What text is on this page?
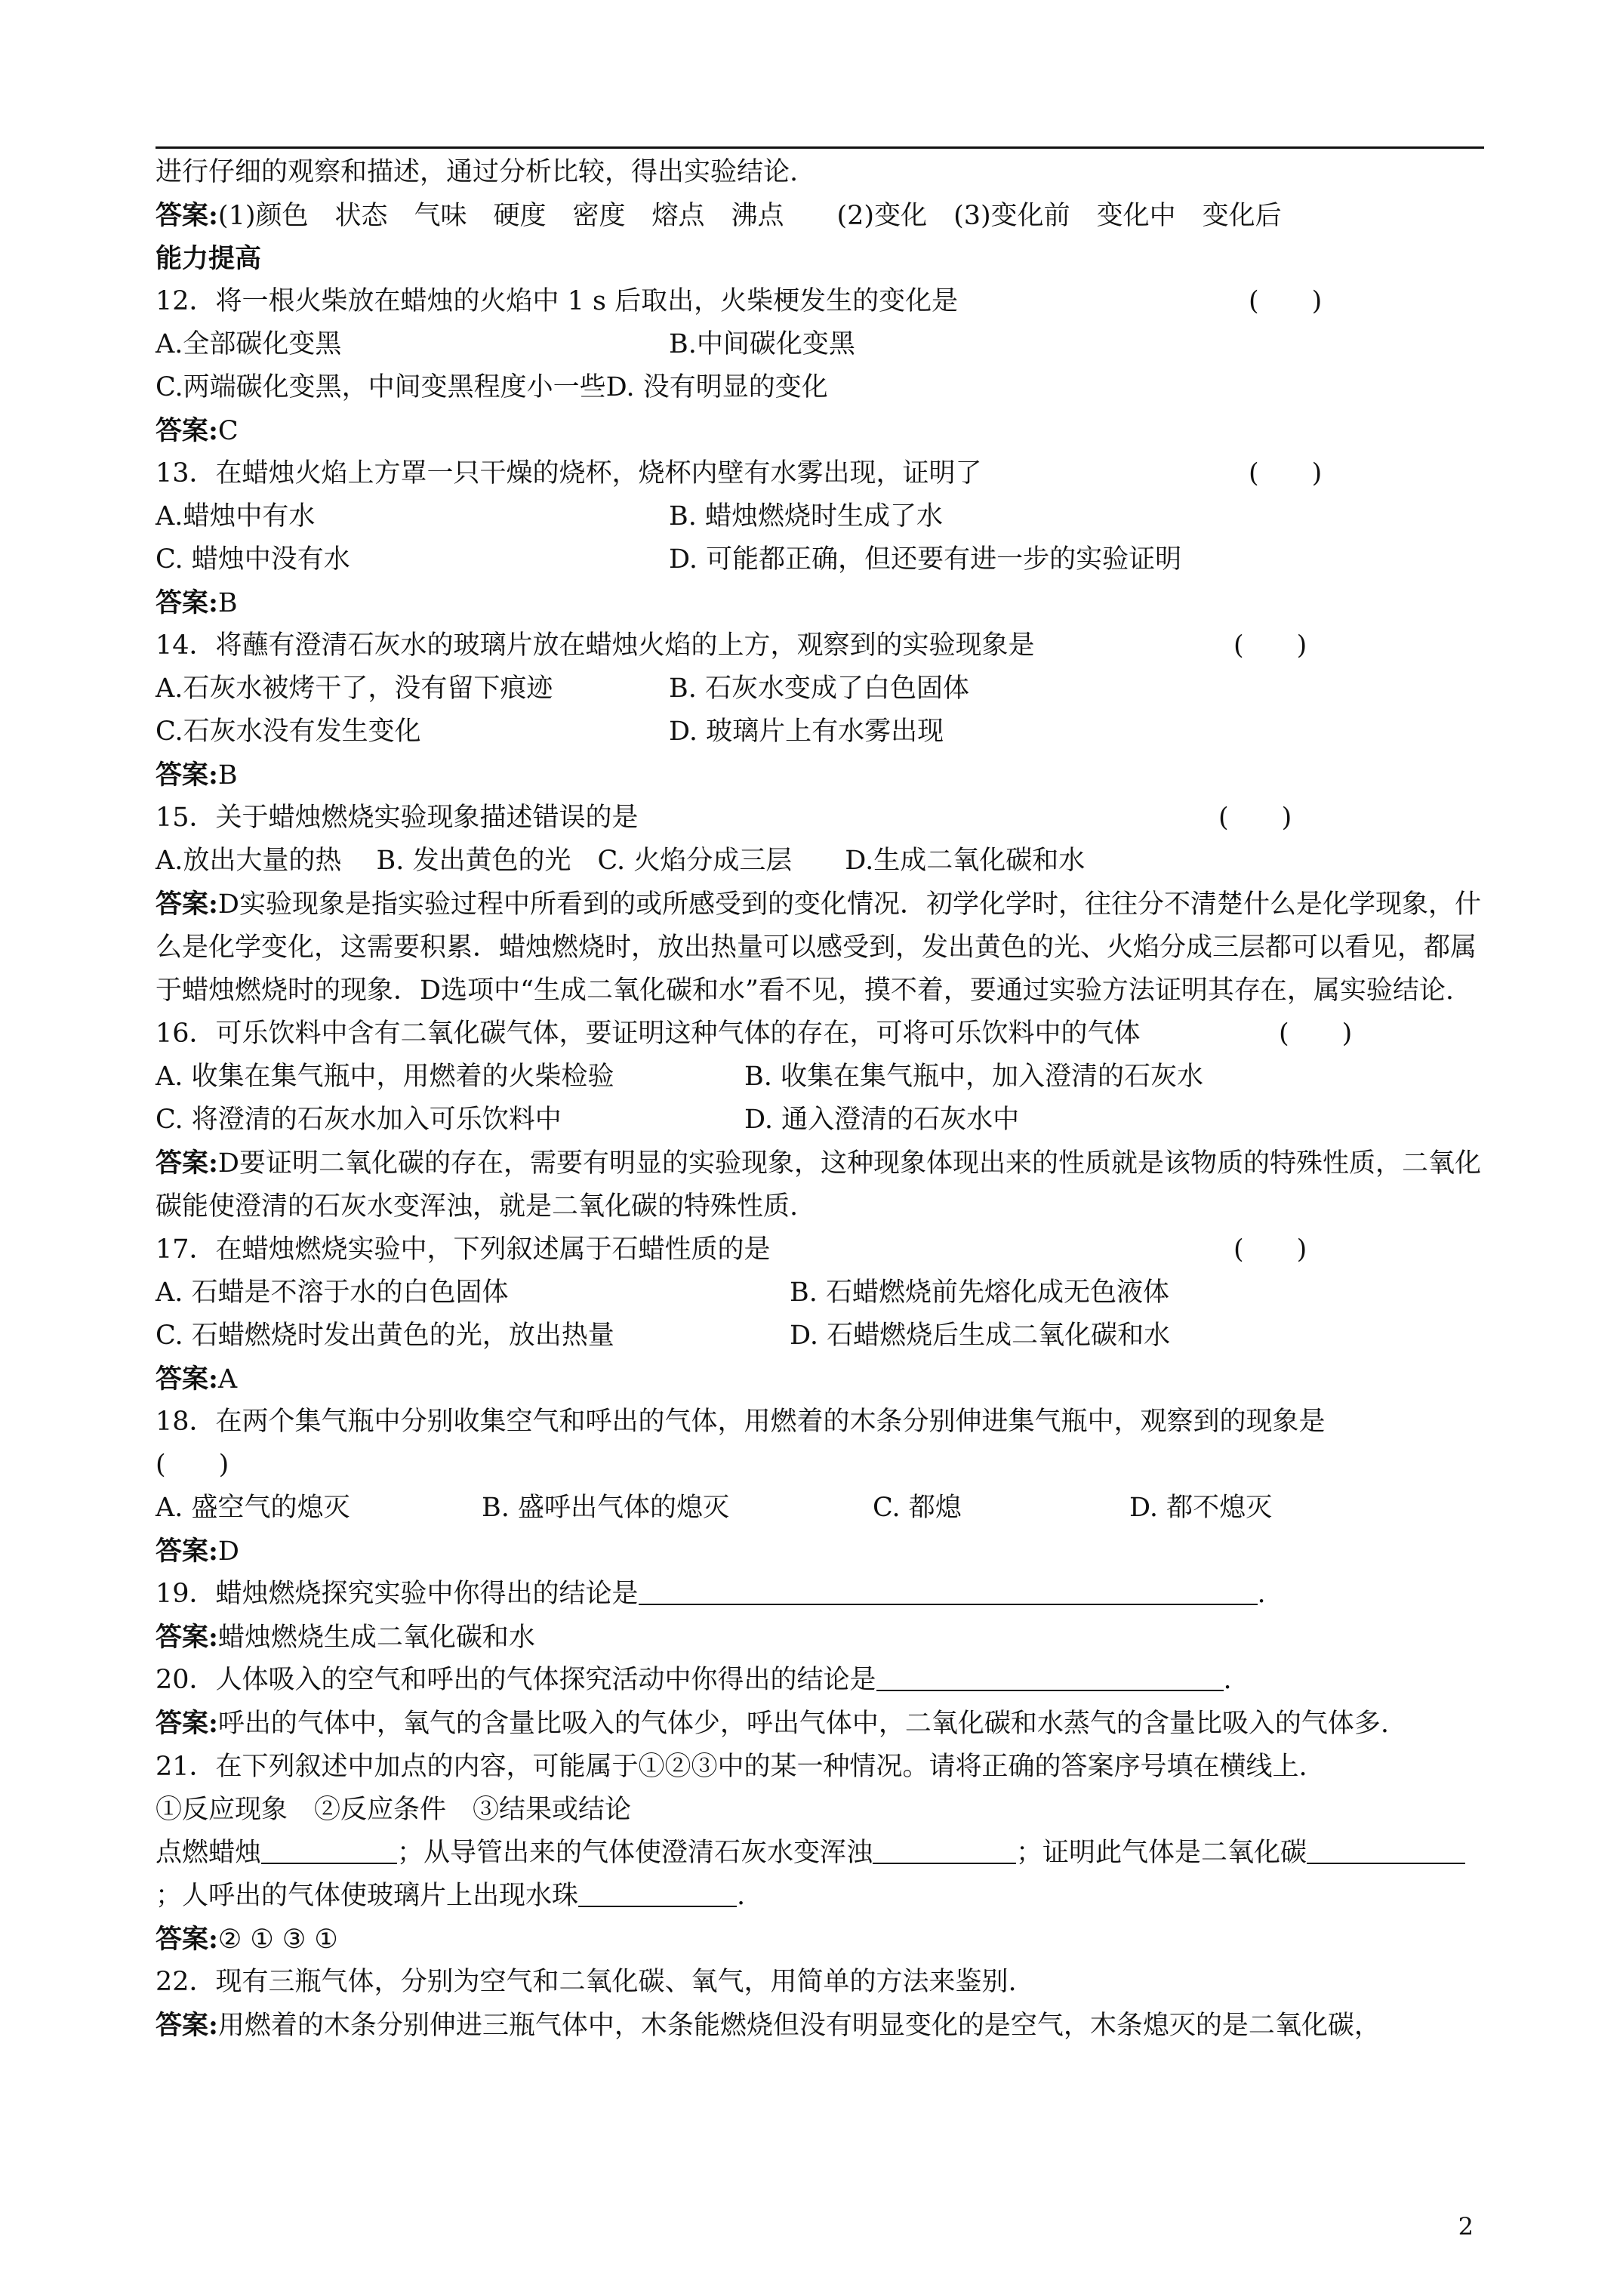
进行仔细的观察和描述，通过分析比较，得出实验结论.
答案:(1)颜色　状态　气味　硬度　密度　熔点　沸点　　(2)变化　(3)变化前　变化中　变化后
能力提高
12．将一根火柴放在蜡烛的火焰中 1 s 后取出，火柴梗发生的变化是	(　　)
A.全部碳化变黑	B.中间碳化变黑
C.两端碳化变黑，中间变黑程度小一些D. 没有明显的变化
答案:C
13．在蜡烛火焰上方罩一只干燥的烧杯，烧杯内壁有水雾出现，证明了	(　　)
A.蜡烛中有水	B. 蜡烛燃烧时生成了水
C. 蜡烛中没有水	D. 可能都正确，但还要有进一步的实验证明
答案:B
14．将蘸有澄清石灰水的玻璃片放在蜡烛火焰的上方，观察到的实验现象是	(　　)
A.石灰水被烤干了，没有留下痕迹	B. 石灰水变成了白色固体
C.石灰水没有发生变化	D. 玻璃片上有水雾出现
答案:B
15．关于蜡烛燃烧实验现象描述错误的是	(　　)
A.放出大量的热　 B. 发出黄色的光　C. 火焰分成三层　　D.生成二氧化碳和水
答案:D实验现象是指实验过程中所看到的或所感受到的变化情况．初学化学时，往往分不清楚什么是化学现象，什么是化学变化，这需要积累．蜡烛燃烧时，放出热量可以感受到，发出黄色的光、火焰分成三层都可以看见，都属于蜡烛燃烧时的现象．D选项中“生成二氧化碳和水”看不见，摸不着，要通过实验方法证明其存在，属实验结论.
16．可乐饮料中含有二氧化碳气体，要证明这种气体的存在，可将可乐饮料中的气体	(　　)
A. 收集在集气瓶中，用燃着的火柴检验	B. 收集在集气瓶中，加入澄清的石灰水
C. 将澄清的石灰水加入可乐饮料中	D. 通入澄清的石灰水中
答案:D要证明二氧化碳的存在，需要有明显的实验现象，这种现象体现出来的性质就是该物质的特殊性质，二氧化碳能使澄清的石灰水变浑浊，就是二氧化碳的特殊性质.
17．在蜡烛燃烧实验中，下列叙述属于石蜡性质的是	(　　)
A. 石蜡是不溶于水的白色固体	B. 石蜡燃烧前先熔化成无色液体
C. 石蜡燃烧时发出黄色的光，放出热量	D. 石蜡燃烧后生成二氧化碳和水
答案:A
18．在两个集气瓶中分别收集空气和呼出的气体，用燃着的木条分别伸进集气瓶中，观察到的现象是
(　　)
A. 盛空气的熄灭	B. 盛呼出气体的熄灭	C. 都熄	D. 都不熄灭
答案:D
19．蜡烛燃烧探究实验中你得出的结论是	.
答案:蜡烛燃烧生成二氧化碳和水
20．人体吸入的空气和呼出的气体探究活动中你得出的结论是	.
答案:呼出的气体中，氧气的含量比吸入的气体少，呼出气体中，二氧化碳和水蒸气的含量比吸入的气体多.
21．在下列叙述中加点的内容，可能属于①②③中的某一种情况。请将正确的答案序号填在横线上.
①反应现象　②反应条件　③结果或结论
点燃蜡烛	；从导管出来的气体使澄清石灰水变浑浊	；证明此气体是二氧化碳；人呼出的气体使玻璃片上出现水珠	.
答案:② ① ③ ①
22．现有三瓶气体，分别为空气和二氧化碳、氧气，用简单的方法来鉴别.
答案:用燃着的木条分别伸进三瓶气体中，木条能燃烧但没有明显变化的是空气，木条熄灭的是二氧化碳，
2
